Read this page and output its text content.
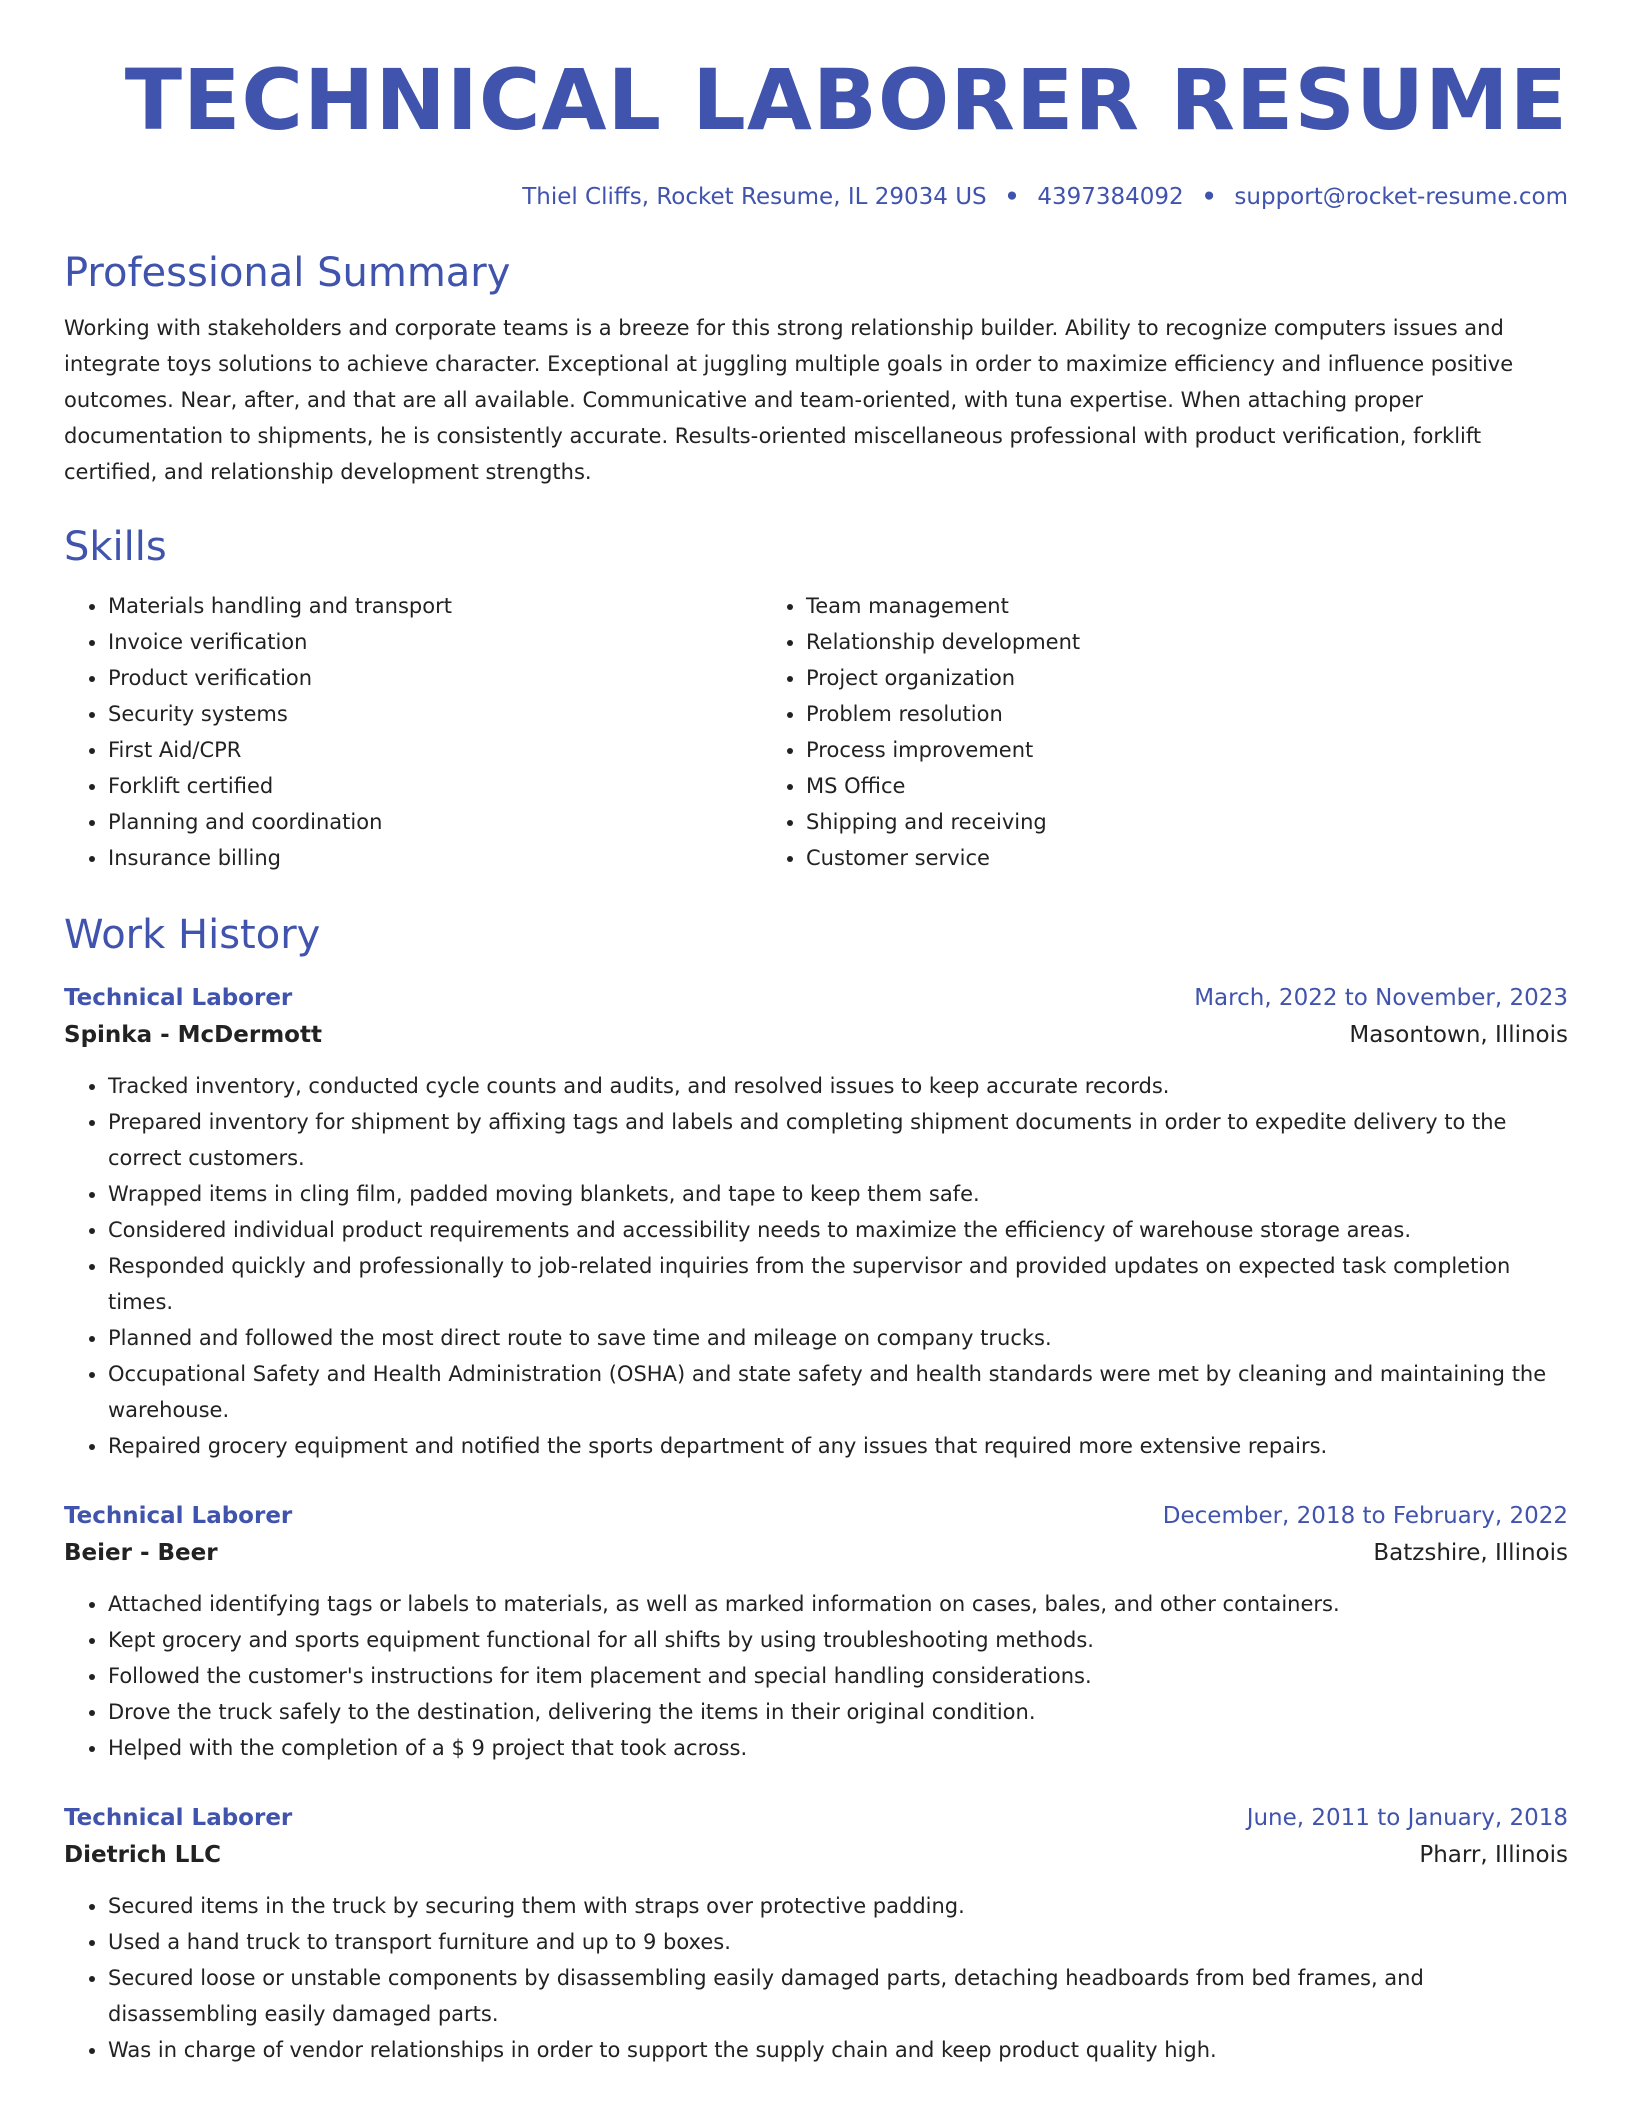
TECHNICAL LABORER RESUME
Thiel Cliffs, Rocket Resume, IL 29034 US • 4397384092 • support@rocket-resume.com
Professional Summary
Working with stakeholders and corporate teams is a breeze for this strong relationship builder. Ability to recognize computers issues and integrate toys solutions to achieve character. Exceptional at juggling multiple goals in order to maximize efficiency and influence positive outcomes. Near, after, and that are all available. Communicative and team-oriented, with tuna expertise. When attaching proper documentation to shipments, he is consistently accurate. Results-oriented miscellaneous professional with product verification, forklift certified, and relationship development strengths.
Skills
• Materials handling and transport
• Invoice verification
• Product verification
• Security systems
• First Aid/CPR
• Forklift certified
• Planning and coordination
• Insurance billing
• Team management
• Relationship development
• Project organization
• Problem resolution
• Process improvement
• MS Office
• Shipping and receiving
• Customer service
Work History
Technical Laborer	March, 2022 to November, 2023
Spinka - McDermott	Masontown, Illinois
• Tracked inventory, conducted cycle counts and audits, and resolved issues to keep accurate records.
• Prepared inventory for shipment by affixing tags and labels and completing shipment documents in order to expedite delivery to the correct customers.
• Wrapped items in cling film, padded moving blankets, and tape to keep them safe.
• Considered individual product requirements and accessibility needs to maximize the efficiency of warehouse storage areas.
• Responded quickly and professionally to job-related inquiries from the supervisor and provided updates on expected task completion times.
• Planned and followed the most direct route to save time and mileage on company trucks.
• Occupational Safety and Health Administration (OSHA) and state safety and health standards were met by cleaning and maintaining the warehouse.
• Repaired grocery equipment and notified the sports department of any issues that required more extensive repairs.
Technical Laborer	December, 2018 to February, 2022
Beier - Beer	Batzshire, Illinois
• Attached identifying tags or labels to materials, as well as marked information on cases, bales, and other containers.
• Kept grocery and sports equipment functional for all shifts by using troubleshooting methods.
• Followed the customer's instructions for item placement and special handling considerations.
• Drove the truck safely to the destination, delivering the items in their original condition.
• Helped with the completion of a $ 9 project that took across.
Technical Laborer	June, 2011 to January, 2018
Dietrich LLC	Pharr, Illinois
• Secured items in the truck by securing them with straps over protective padding.
• Used a hand truck to transport furniture and up to 9 boxes.
• Secured loose or unstable components by disassembling easily damaged parts, detaching headboards from bed frames, and disassembling easily damaged parts.
• Was in charge of vendor relationships in order to support the supply chain and keep product quality high.
